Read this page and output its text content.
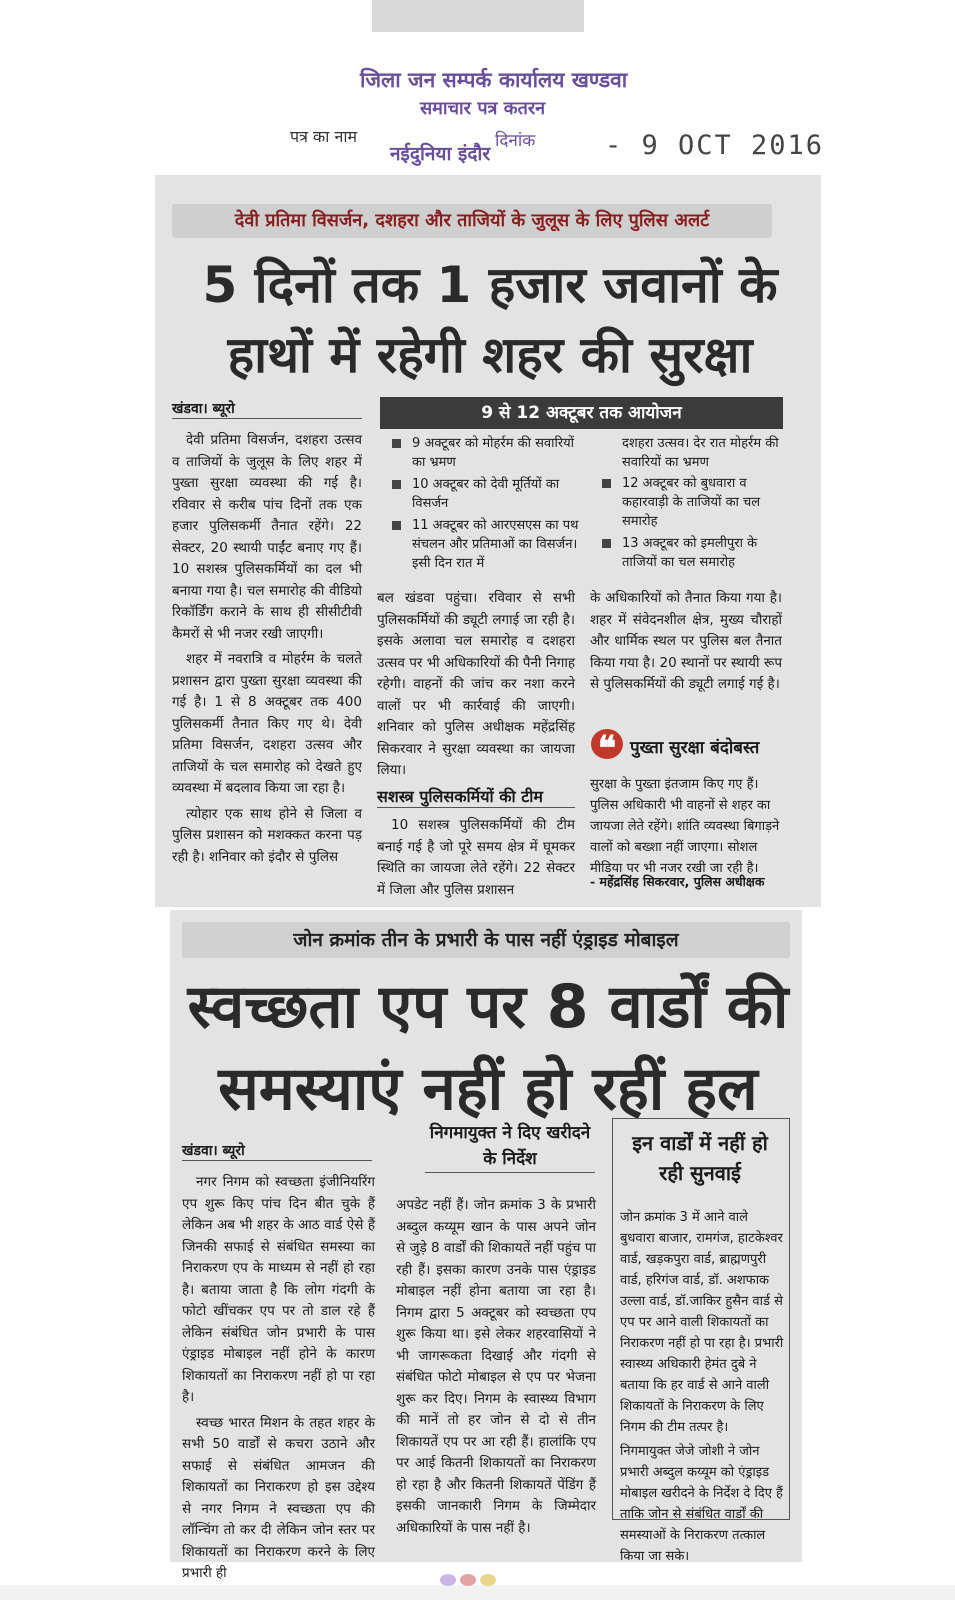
जिला जन सम्पर्क कार्यालय खण्डवा
समाचार पत्र कतरन
पत्र का नाम
नईदुनिया इंदौर
दिनांक	- 9 OCT 2016
देवी प्रतिमा विसर्जन, दशहरा और ताजियों के जुलूस के लिए पुलिस अलर्ट
5 दिनों तक 1 हजार जवानों के हाथों में रहेगी शहर की सुरक्षा
खंडवा। ब्यूरो

देवी प्रतिमा विसर्जन, दशहरा उत्सव व ताजियों के जुलूस के लिए शहर में पुख्ता सुरक्षा व्यवस्था की गई है। रविवार से करीब पांच दिनों तक एक हजार पुलिसकर्मी तैनात रहेंगे। 22 सेक्टर, 20 स्थायी पाईंट बनाए गए हैं। 10 सशस्त्र पुलिसकर्मियों का दल भी बनाया गया है। चल समारोह की वीडियो रिकॉर्डिंग कराने के साथ ही सीसीटीवी कैमरों से भी नजर रखी जाएगी।

शहर में नवरात्रि व मोहर्रम के चलते प्रशासन द्वारा पुख्ता सुरक्षा व्यवस्था की गई है। 1 से 8 अक्टूबर तक 400 पुलिसकर्मी तैनात किए गए थे। देवी प्रतिमा विसर्जन, दशहरा उत्सव और ताजियों के चल समारोह को देखते हुए व्यवस्था में बदलाव किया जा रहा है।

त्योहार एक साथ होने से जिला व पुलिस प्रशासन को मशक्कत करना पड़ रही है। शनिवार को इंदौर से पुलिस

9 से 12 अक्टूबर तक आयोजन
9 अक्टूबर को मोहर्रम की सवारियों का भ्रमण
10 अक्टूबर को देवी मूर्तियों का विसर्जन
11 अक्टूबर को आरएसएस का पथ संचलन और प्रतिमाओं का विसर्जन। इसी दिन रात में
दशहरा उत्सव। देर रात मोहर्रम की सवारियों का भ्रमण
12 अक्टूबर को बुधवारा व कहारवाड़ी के ताजियों का चल समारोह
13 अक्टूबर को इमलीपुरा के ताजियों का चल समारोह
बल खंडवा पहुंचा। रविवार से सभी पुलिसकर्मियों की ड्यूटी लगाई जा रही है। इसके अलावा चल समारोह व दशहरा उत्सव पर भी अधिकारियों की पैनी निगाह रहेगी। वाहनों की जांच कर नशा करने वालों पर भी कार्रवाई की जाएगी। शनिवार को पुलिस अधीक्षक महेंद्रसिंह सिकरवार ने सुरक्षा व्यवस्था का जायजा लिया।
सशस्त्र पुलिसकर्मियों की टीम
10 सशस्त्र पुलिसकर्मियों की टीम बनाई गई है जो पूरे समय क्षेत्र में घूमकर स्थिति का जायजा लेते रहेंगे। 22 सेक्टर में जिला और पुलिस प्रशासन
के अधिकारियों को तैनात किया गया है। शहर में संवेदनशील क्षेत्र, मुख्य चौराहों और धार्मिक स्थल पर पुलिस बल तैनात किया गया है। 20 स्थानों पर स्थायी रूप से पुलिसकर्मियों की ड्यूटी लगाई गई है।
❝ पुख्ता सुरक्षा बंदोबस्त
सुरक्षा के पुख्ता इंतजाम किए गए हैं। पुलिस अधिकारी भी वाहनों से शहर का जायजा लेते रहेंगे। शांति व्यवस्था बिगाड़ने वालों को बख्शा नहीं जाएगा। सोशल मीडिया पर भी नजर रखी जा रही है।
- महेंद्रसिंह सिकरवार, पुलिस अधीक्षक
जोन क्रमांक तीन के प्रभारी के पास नहीं एंड्राइड मोबाइल
स्वच्छता एप पर 8 वार्डों की समस्याएं नहीं हो रहीं हल
खंडवा। ब्यूरो

नगर निगम को स्वच्छता इंजीनियरिंग एप शुरू किए पांच दिन बीत चुके हैं लेकिन अब भी शहर के आठ वार्ड ऐसे हैं जिनकी सफाई से संबंधित समस्या का निराकरण एप के माध्यम से नहीं हो रहा है। बताया जाता है कि लोग गंदगी के फोटो खींचकर एप पर तो डाल रहे हैं लेकिन संबंधित जोन प्रभारी के पास एंड्राइड मोबाइल नहीं होने के कारण शिकायतों का निराकरण नहीं हो पा रहा है।

स्वच्छ भारत मिशन के तहत शहर के सभी 50 वार्डों से कचरा उठाने और सफाई से संबंधित आमजन की शिकायतों का निराकरण हो इस उद्देश्य से नगर निगम ने स्वच्छता एप की लॉन्चिंग तो कर दी लेकिन जोन स्तर पर शिकायतों का निराकरण करने के लिए प्रभारी ही

निगमायुक्त ने दिए खरीदने के निर्देश
अपडेट नहीं हैं। जोन क्रमांक 3 के प्रभारी अब्दुल कय्यूम खान के पास अपने जोन से जुड़े 8 वार्डों की शिकायतें नहीं पहुंच पा रही हैं। इसका कारण उनके पास एंड्राइड मोबाइल नहीं होना बताया जा रहा है। निगम द्वारा 5 अक्टूबर को स्वच्छता एप शुरू किया था। इसे लेकर शहरवासियों ने भी जागरूकता दिखाई और गंदगी से संबंधित फोटो मोबाइल से एप पर भेजना शुरू कर दिए। निगम के स्वास्थ्य विभाग की मानें तो हर जोन से दो से तीन शिकायतें एप पर आ रही हैं। हालांकि एप पर आई कितनी शिकायतों का निराकरण हो रहा है और कितनी शिकायतें पेंडिंग हैं इसकी जानकारी निगम के जिम्मेदार अधिकारियों के पास नहीं है।
इन वार्डों में नहीं हो रही सुनवाई

जोन क्रमांक 3 में आने वाले बुधवारा बाजार, रामगंज, हाटकेश्वर वार्ड, खड़कपुरा वार्ड, ब्राह्मणपुरी वार्ड, हरिगंज वार्ड, डॉ. अशफाक उल्ला वार्ड, डॉ.जाकिर हुसैन वार्ड से एप पर आने वाली शिकायतों का निराकरण नहीं हो पा रहा है। प्रभारी स्वास्थ्य अधिकारी हेमंत दुबे ने बताया कि हर वार्ड से आने वाली शिकायतों के निराकरण के लिए निगम की टीम तत्पर है।

निगमायुक्त जेजे जोशी ने जोन प्रभारी अब्दुल कय्यूम को एंड्राइड मोबाइल खरीदने के निर्देश दे दिए हैं ताकि जोन से संबंधित वार्डों की समस्याओं के निराकरण तत्काल किया जा सके।
